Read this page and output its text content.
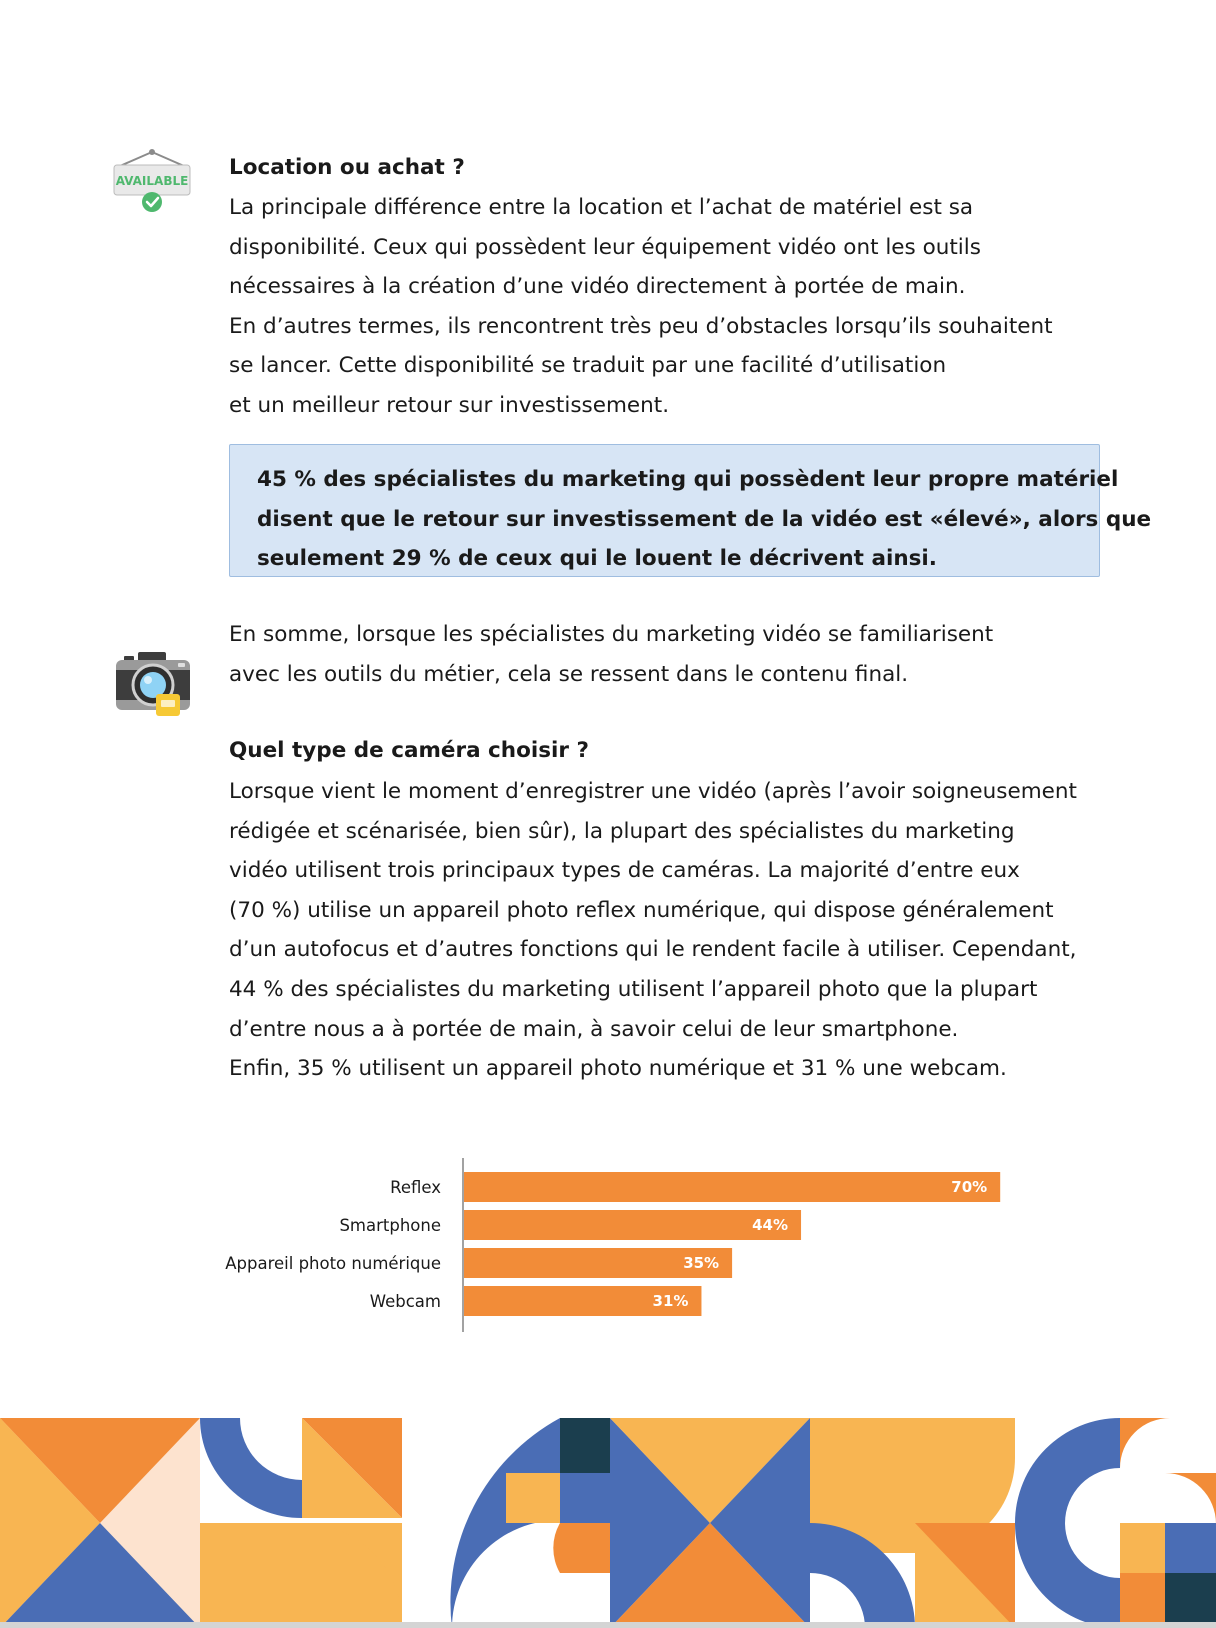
AVAILABLE
Location ou achat ?

La principale différence entre la location et l’achat de matériel est sa
disponibilité. Ceux qui possèdent leur équipement vidéo ont les outils
nécessaires à la création d’une vidéo directement à portée de main.
En d’autres termes, ils rencontrent très peu d’obstacles lorsqu’ils souhaitent
se lancer. Cette disponibilité se traduit par une facilité d’utilisation
et un meilleur retour sur investissement.

45 % des spécialistes du marketing qui possèdent leur propre matériel
disent que le retour sur investissement de la vidéo est «élevé», alors que
seulement 29 % de ceux qui le louent le décrivent ainsi.

En somme, lorsque les spécialistes du marketing vidéo se familiarisent
avec les outils du métier, cela se ressent dans le contenu final.

Quel type de caméra choisir ?

Lorsque vient le moment d’enregistrer une vidéo (après l’avoir soigneusement
rédigée et scénarisée, bien sûr), la plupart des spécialistes du marketing
vidéo utilisent trois principaux types de caméras. La majorité d’entre eux
(70 %) utilise un appareil photo reflex numérique, qui dispose généralement
d’un autofocus et d’autres fonctions qui le rendent facile à utiliser. Cependant,
44 % des spécialistes du marketing utilisent l’appareil photo que la plupart
d’entre nous a à portée de main, à savoir celui de leur smartphone.
Enfin, 35 % utilisent un appareil photo numérique et 31 % une webcam.

Reflex	70%
Smartphone	44%
Appareil photo numérique	35%
Webcam	31%
